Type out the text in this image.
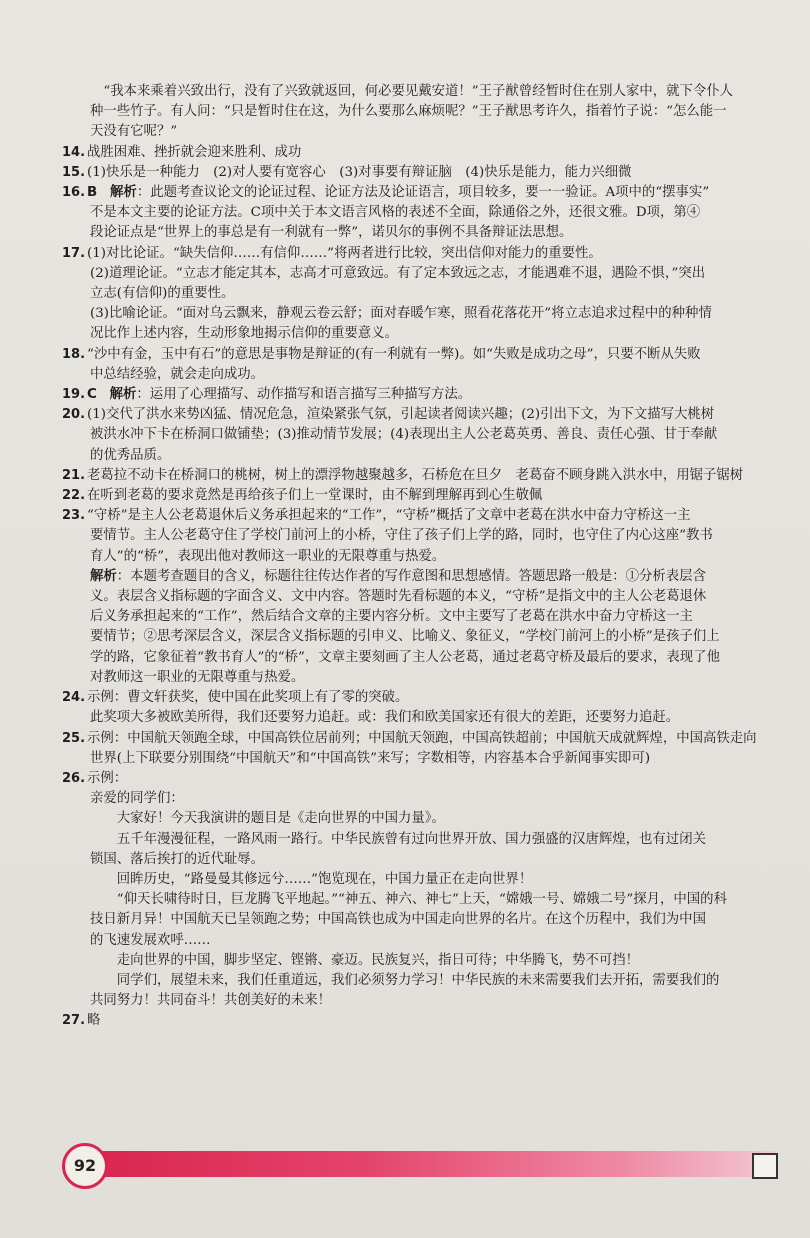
“我本来乘着兴致出行，没有了兴致就返回，何必要见戴安道！”王子猷曾经暂时住在别人家中，就下令仆人

种一些竹子。有人问：“只是暂时住在这，为什么要那么麻烦呢？”王子猷思考许久，指着竹子说：“怎么能一

天没有它呢？”

14. 战胜困难、挫折就会迎来胜利、成功

15. (1)快乐是一种能力　(2)对人要有宽容心　(3)对事要有辩证脑　(4)快乐是能力，能力兴细微

16. B 解析：此题考查议论文的论证过程、论证方法及论证语言，项目较多，要一一验证。A项中的“摆事实”

不是本文主要的论证方法。C项中关于本文语言风格的表述不全面，除通俗之外，还很文雅。D项，第④

段论证点是“世界上的事总是有一利就有一弊”，诺贝尔的事例不具备辩证法思想。

17. (1)对比论证。“缺失信仰……有信仰……”将两者进行比较，突出信仰对能力的重要性。

(2)道理论证。“立志才能定其本，志高才可意致远。有了定本致远之志，才能遇难不退，遇险不惧，”突出

立志(有信仰)的重要性。

(3)比喻论证。“面对乌云飘来，静观云卷云舒；面对春暖乍寒，照看花落花开”将立志追求过程中的种种情

况比作上述内容，生动形象地揭示信仰的重要意义。

18. “沙中有金，玉中有石”的意思是事物是辩证的(有一利就有一弊)。如“失败是成功之母”，只要不断从失败

中总结经验，就会走向成功。

19. C 解析：运用了心理描写、动作描写和语言描写三种描写方法。

20. (1)交代了洪水来势凶猛、情况危急，渲染紧张气氛，引起读者阅读兴趣；(2)引出下文，为下文描写大桃树

被洪水冲下卡在桥洞口做铺垫；(3)推动情节发展；(4)表现出主人公老葛英勇、善良、责任心强、甘于奉献

的优秀品质。

21. 老葛拉不动卡在桥洞口的桃树，树上的漂浮物越聚越多，石桥危在旦夕　老葛奋不顾身跳入洪水中，用锯子锯树

22. 在听到老葛的要求竟然是再给孩子们上一堂课时，由不解到理解再到心生敬佩

23. “守桥”是主人公老葛退休后义务承担起来的“工作”，“守桥”概括了文章中老葛在洪水中奋力守桥这一主

要情节。主人公老葛守住了学校门前河上的小桥，守住了孩子们上学的路，同时，也守住了内心这座“教书

育人”的“桥”，表现出他对教师这一职业的无限尊重与热爱。

解析：本题考查题目的含义，标题往往传达作者的写作意图和思想感情。答题思路一般是：①分析表层含

义。表层含义指标题的字面含义、文中内容。答题时先看标题的本义，“守桥”是指文中的主人公老葛退休

后义务承担起来的“工作”，然后结合文章的主要内容分析。文中主要写了老葛在洪水中奋力守桥这一主

要情节；②思考深层含义，深层含义指标题的引申义、比喻义、象征义，“学校门前河上的小桥”是孩子们上

学的路，它象征着“教书育人”的“桥”，文章主要刻画了主人公老葛，通过老葛守桥及最后的要求，表现了他

对教师这一职业的无限尊重与热爱。

24. 示例：曹文轩获奖，使中国在此奖项上有了零的突破。

此奖项大多被欧美所得，我们还要努力追赶。或：我们和欧美国家还有很大的差距，还要努力追赶。

25. 示例：中国航天领跑全球，中国高铁位居前列；中国航天领跑，中国高铁超前；中国航天成就辉煌，中国高铁走向

世界(上下联要分别围绕“中国航天”和“中国高铁”来写；字数相等，内容基本合乎新闻事实即可)

26. 示例：

亲爱的同学们：

大家好！今天我演讲的题目是《走向世界的中国力量》。

五千年漫漫征程，一路风雨一路行。中华民族曾有过向世界开放、国力强盛的汉唐辉煌，也有过闭关

锁国、落后挨打的近代耻辱。

回眸历史，“路曼曼其修远兮……”饱览现在，中国力量正在走向世界！

“仰天长啸待时日，巨龙腾飞平地起。”“神五、神六、神七”上天，“嫦娥一号、嫦娥二号”探月，中国的科

技日新月异！中国航天已呈领跑之势；中国高铁也成为中国走向世界的名片。在这个历程中，我们为中国

的飞速发展欢呼……

走向世界的中国，脚步坚定、铿锵、豪迈。民族复兴，指日可待；中华腾飞，势不可挡！

同学们，展望未来，我们任重道远，我们必须努力学习！中华民族的未来需要我们去开拓，需要我们的

共同努力！共同奋斗！共创美好的未来！

27. 略

92
